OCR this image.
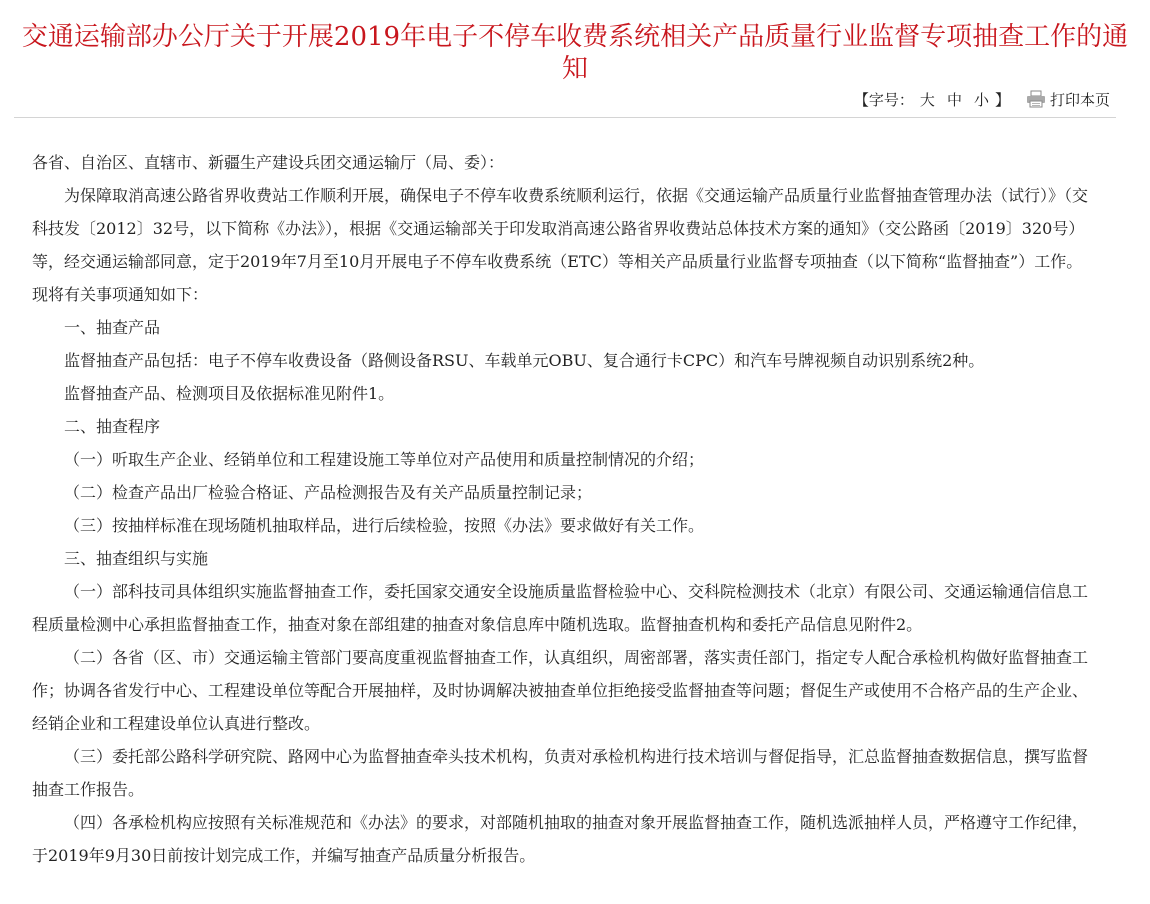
交通运输部办公厅关于开展2019年电子不停车收费系统相关产品质量行业监督专项抽查工作的通知
【字号： 大 中 小 】	打印本页

各省、自治区、直辖市、新疆生产建设兵团交通运输厅（局、委）：

为保障取消高速公路省界收费站工作顺利开展，确保电子不停车收费系统顺利运行，依据《交通运输产品质量行业监督抽查管理办法（试行）》（交科技发〔2012〕32号，以下简称《办法》），根据《交通运输部关于印发取消高速公路省界收费站总体技术方案的通知》（交公路函〔2019〕320号）等，经交通运输部同意，定于2019年7月至10月开展电子不停车收费系统（ETC）等相关产品质量行业监督专项抽查（以下简称“监督抽查”）工作。现将有关事项通知如下：

一、抽查产品

监督抽查产品包括：电子不停车收费设备（路侧设备RSU、车载单元OBU、复合通行卡CPC）和汽车号牌视频自动识别系统2种。

监督抽查产品、检测项目及依据标准见附件1。

二、抽查程序

（一）听取生产企业、经销单位和工程建设施工等单位对产品使用和质量控制情况的介绍；

（二）检查产品出厂检验合格证、产品检测报告及有关产品质量控制记录；

（三）按抽样标准在现场随机抽取样品，进行后续检验，按照《办法》要求做好有关工作。

三、抽查组织与实施

（一）部科技司具体组织实施监督抽查工作，委托国家交通安全设施质量监督检验中心、交科院检测技术（北京）有限公司、交通运输通信信息工程质量检测中心承担监督抽查工作，抽查对象在部组建的抽查对象信息库中随机选取。监督抽查机构和委托产品信息见附件2。

（二）各省（区、市）交通运输主管部门要高度重视监督抽查工作，认真组织，周密部署，落实责任部门，指定专人配合承检机构做好监督抽查工作；协调各省发行中心、工程建设单位等配合开展抽样，及时协调解决被抽查单位拒绝接受监督抽查等问题；督促生产或使用不合格产品的生产企业、经销企业和工程建设单位认真进行整改。

（三）委托部公路科学研究院、路网中心为监督抽查牵头技术机构，负责对承检机构进行技术培训与督促指导，汇总监督抽查数据信息，撰写监督抽查工作报告。

（四）各承检机构应按照有关标准规范和《办法》的要求，对部随机抽取的抽查对象开展监督抽查工作，随机选派抽样人员，严格遵守工作纪律，于2019年9月30日前按计划完成工作，并编写抽查产品质量分析报告。
